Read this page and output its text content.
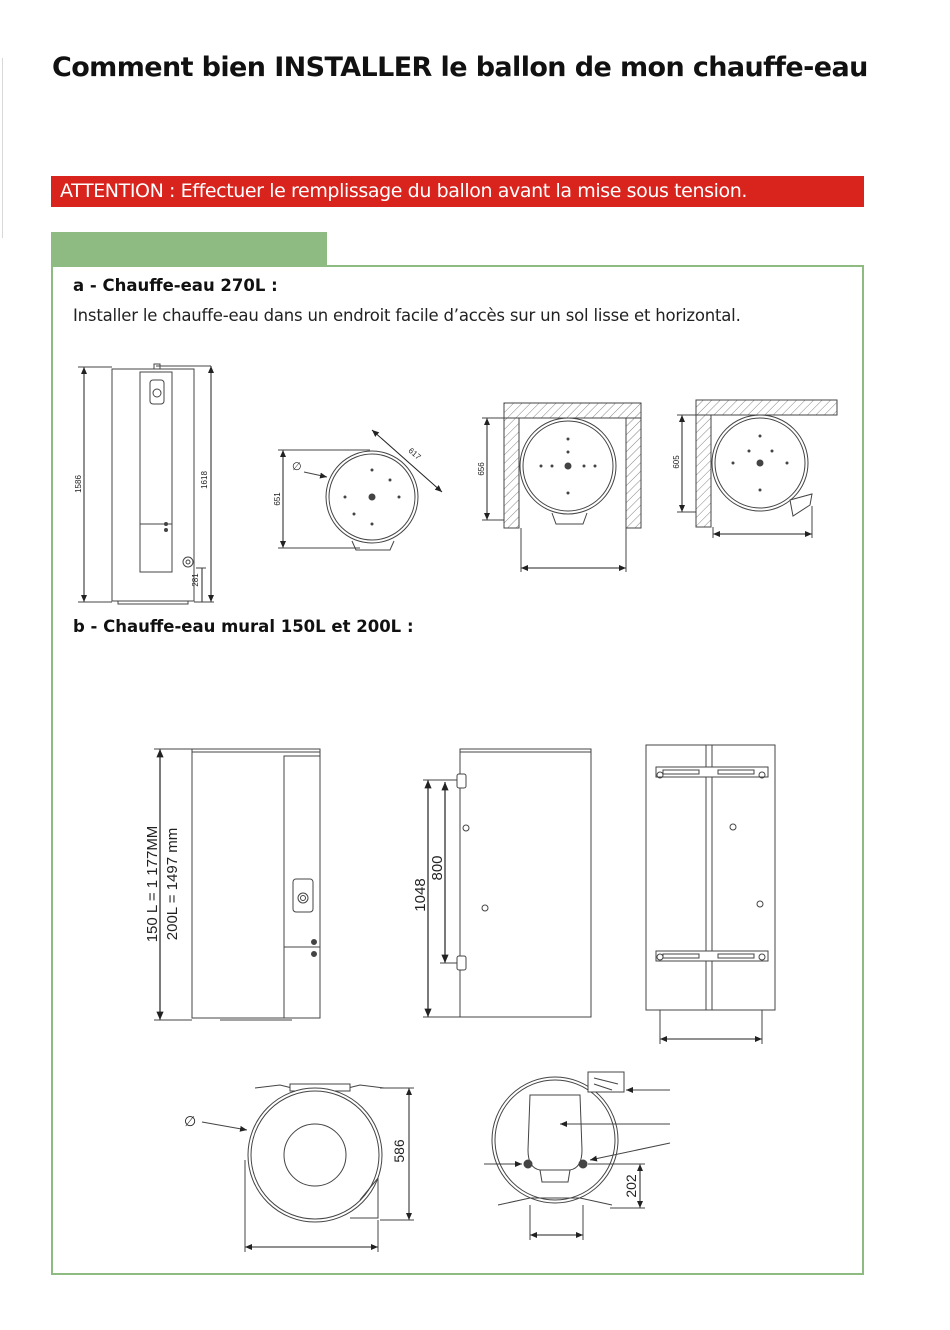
Comment bien INSTALLER le ballon de mon chauffe-eau
ATTENTION : Effectuer le remplissage du ballon avant la mise sous tension.

a - Chauffe-eau 270L :

Installer le chauffe-eau dans un endroit facile d’accès sur un sol lisse et horizontal.

b - Chauffe-eau mural 150L et 200L :

1586	1618
281
∅
651
617
656
605
150 L = 1 177MM 200L = 1497 mm	1048
800
∅
586
202
